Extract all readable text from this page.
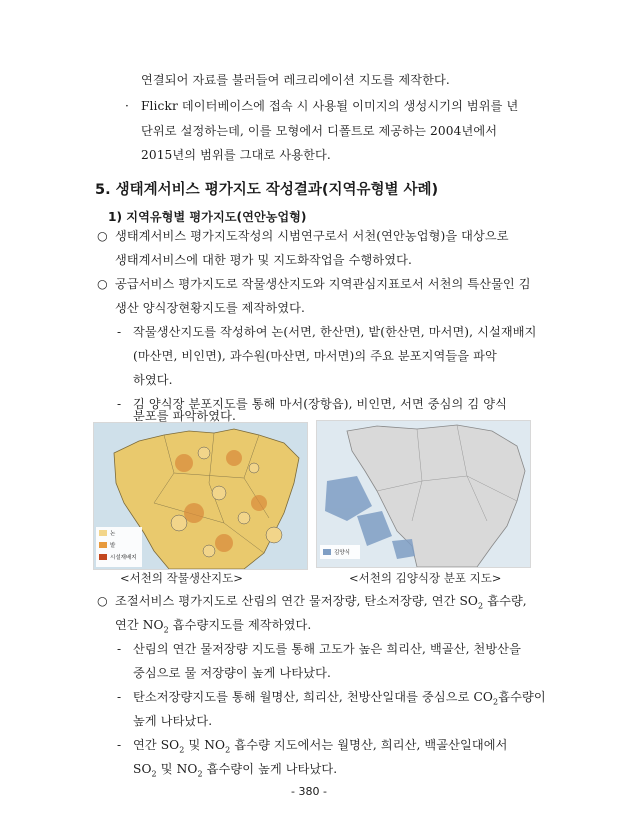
연결되어 자료를 불러들여 레크리에이션 지도를 제작한다.
· Flickr 데이터베이스에 접속 시 사용될 이미지의 생성시기의 범위를 년
단위로 설정하는데, 이를 모형에서 디폴트로 제공하는 2004년에서
2015년의 범위를 그대로 사용한다.
5. 생태계서비스 평가지도 작성결과(지역유형별 사례)
1) 지역유형별 평가지도(연안농업형)
○ 생태계서비스 평가지도작성의 시범연구로서 서천(연안농업형)을 대상으로
생태계서비스에 대한 평가 및 지도화작업을 수행하였다.
○ 공급서비스 평가지도로 작물생산지도와 지역관심지표로서 서천의 특산물인 김
생산 양식장현황지도를 제작하였다.
- 작물생산지도를 작성하여 논(서면, 한산면), 밭(한산면, 마서면), 시설재배지
(마산면, 비인면), 과수원(마산면, 마서면)의 주요 분포지역들을 파악
하였다.
- 김 양식장 분포지도를 통해 마서(장항읍), 비인면, 서면 중심의 김 양식
논
밭
시설재배지
김양식
<서천의 작물생산지도>	<서천의 김양식장 분포 지도>
○ 조절서비스 평가지도로 산림의 연간 물저장량, 탄소저장량, 연간 $SO_2$ 흡수량,
연간 $NO_2$ 흡수량지도를 제작하였다.
- 산림의 연간 물저장량 지도를 통해 고도가 높은 희리산, 백골산, 천방산을
중심으로 물 저장량이 높게 나타났다.
- 탄소저장량지도를 통해 월명산, 희리산, 천방산일대를 중심으로 $CO_2$흡수량이
높게 나타났다.
- 연간 $SO_2$ 및 $NO_2$ 흡수량 지도에서는 월명산, 희리산, 백골산일대에서
- 380 -
분포를 파악하였다.
$SO_2$ 및 $NO_2$ 흡수량이 높게 나타났다.
